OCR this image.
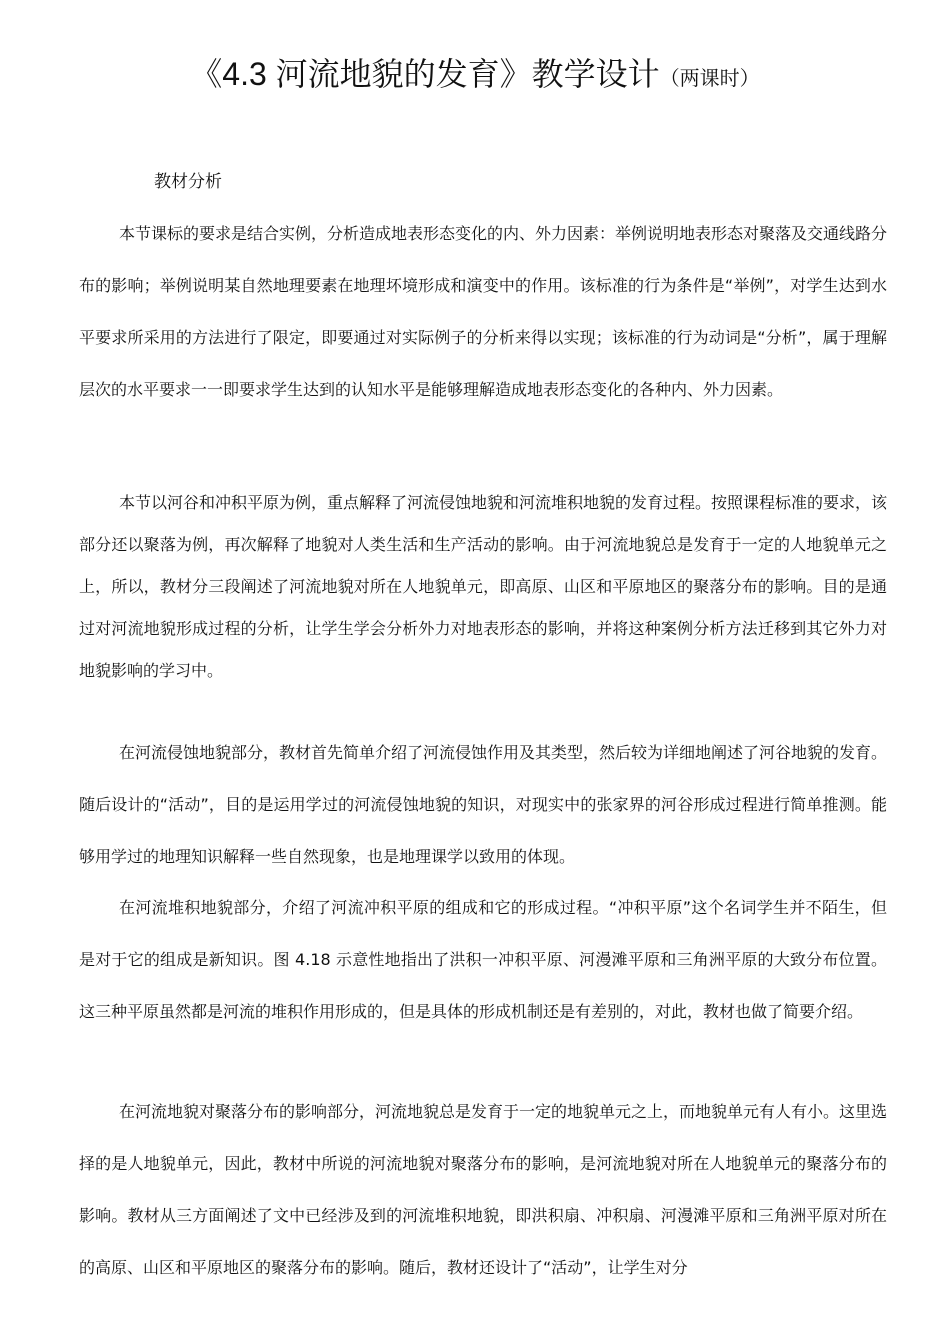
《4.3 河流地貌的发育》教学设计（两课时）
教材分析

本节课标的要求是结合实例，分析造成地表形态变化的内、外力因素：举例说明地表形态对聚落及交通线路分布的影响；举例说明某自然地理要素在地理坏境形成和演变中的作用。该标准的行为条件是“举例”，对学生达到水平要求所采用的方法进行了限定，即要通过对实际例子的分析来得以实现；该标准的行为动词是“分析”，属于理解层次的水平要求一一即要求学生达到的认知水平是能够理解造成地表形态变化的各种内、外力因素。

本节以河谷和冲积平原为例，重点解释了河流侵蚀地貌和河流堆积地貌的发育过程。按照课程标准的要求，该部分还以聚落为例，再次解释了地貌对人类生活和生产活动的影响。由于河流地貌总是发育于一定的人地貌单元之上，所以，教材分三段阐述了河流地貌对所在人地貌单元，即高原、山区和平原地区的聚落分布的影响。目的是通过对河流地貌形成过程的分析，让学生学会分析外力对地表形态的影响，并将这种案例分析方法迁移到其它外力对地貌影响的学习中。

在河流侵蚀地貌部分，教材首先简单介绍了河流侵蚀作用及其类型，然后较为详细地阐述了河谷地貌的发育。随后设计的“活动”，目的是运用学过的河流侵蚀地貌的知识，对现实中的张家界的河谷形成过程进行简单推测。能够用学过的地理知识解释一些自然现象，也是地理课学以致用的体现。

在河流堆积地貌部分，介绍了河流冲积平原的组成和它的形成过程。“冲积平原”这个名词学生并不陌生，但是对于它的组成是新知识。图 4.18 示意性地指出了洪积一冲积平原、河漫滩平原和三角洲平原的大致分布位置。这三种平原虽然都是河流的堆积作用形成的，但是具体的形成机制还是有差别的，对此，教材也做了简要介绍。

在河流地貌对聚落分布的影响部分，河流地貌总是发育于一定的地貌单元之上，而地貌单元有人有小。这里选择的是人地貌单元，因此，教材中所说的河流地貌对聚落分布的影响，是河流地貌对所在人地貌单元的聚落分布的影响。教材从三方面阐述了文中已经涉及到的河流堆积地貌，即洪积扇、冲积扇、河漫滩平原和三角洲平原对所在的高原、山区和平原地区的聚落分布的影响。随后，教材还设计了“活动”，让学生对分
